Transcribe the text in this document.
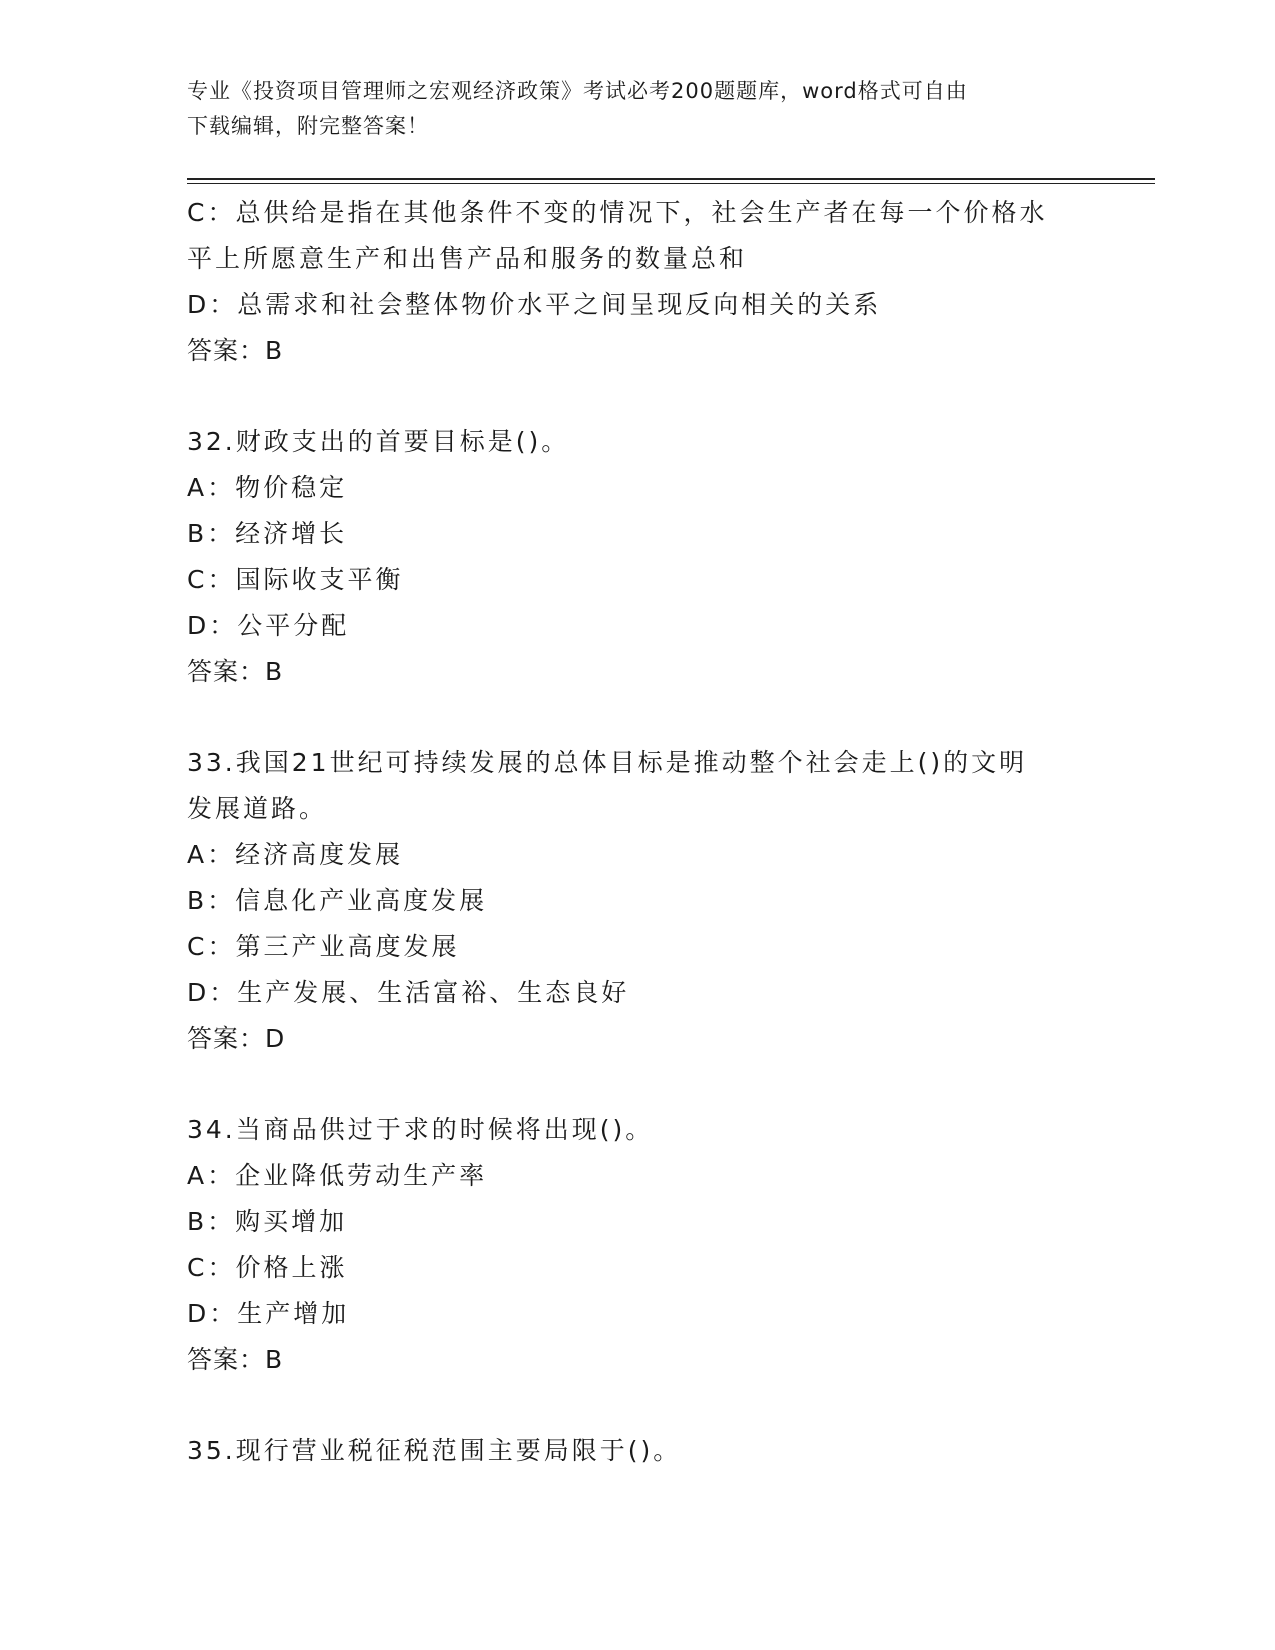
专业《投资项目管理师之宏观经济政策》考试必考200题题库，word格式可自由
下载编辑，附完整答案！
C：总供给是指在其他条件不变的情况下，社会生产者在每一个价格水
平上所愿意生产和出售产品和服务的数量总和
D：总需求和社会整体物价水平之间呈现反向相关的关系
答案：B
32.财政支出的首要目标是()。
A：物价稳定
B：经济增长
C：国际收支平衡
D：公平分配
答案：B
33.我国21世纪可持续发展的总体目标是推动整个社会走上()的文明
发展道路。
A：经济高度发展
B：信息化产业高度发展
C：第三产业高度发展
D：生产发展、生活富裕、生态良好
答案：D
34.当商品供过于求的时候将出现()。
A：企业降低劳动生产率
B：购买增加
C：价格上涨
D：生产增加
答案：B
35.现行营业税征税范围主要局限于()。
